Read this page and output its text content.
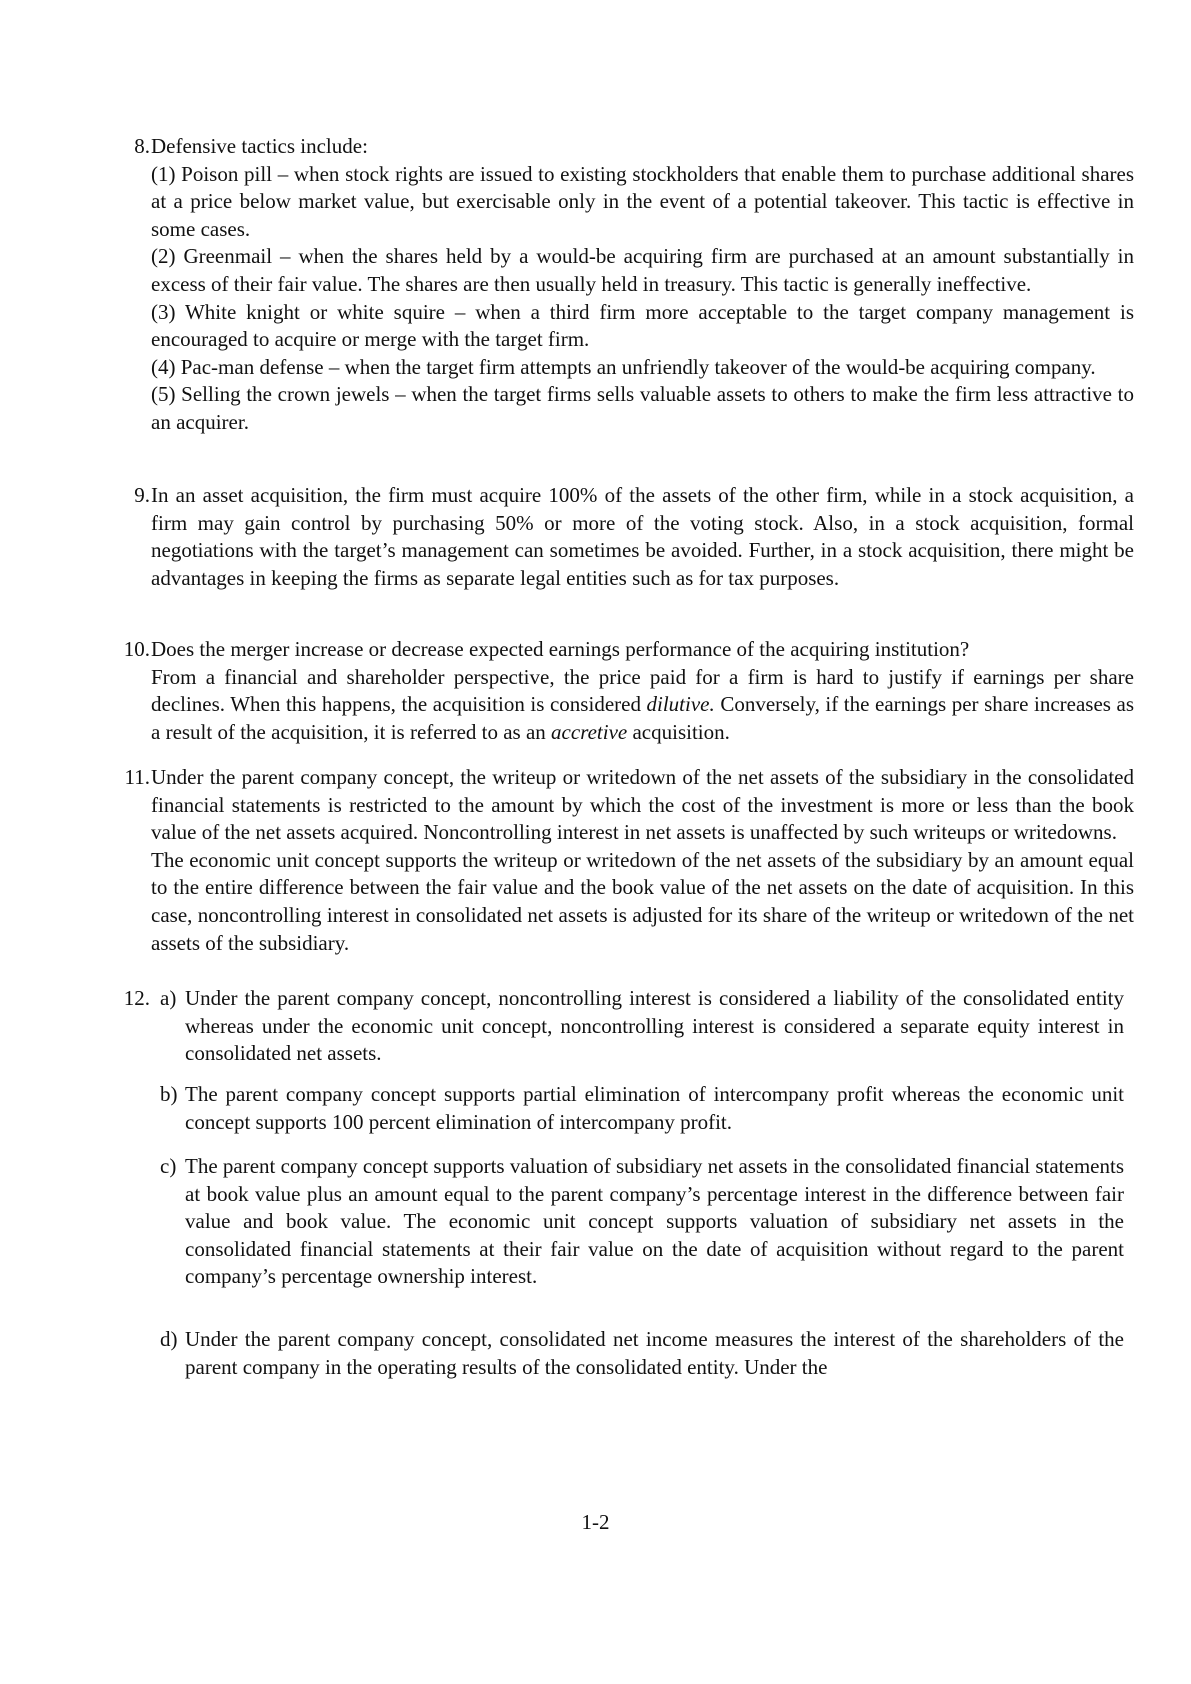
8. Defensive tactics include:
(1) Poison pill – when stock rights are issued to existing stockholders that enable them to purchase additional shares at a price below market value, but exercisable only in the event of a potential takeover. This tactic is effective in some cases.
(2) Greenmail – when the shares held by a would-be acquiring firm are purchased at an amount substantially in excess of their fair value. The shares are then usually held in treasury. This tactic is generally ineffective.
(3) White knight or white squire – when a third firm more acceptable to the target company management is encouraged to acquire or merge with the target firm.
(4) Pac-man defense – when the target firm attempts an unfriendly takeover of the would-be acquiring company.
(5) Selling the crown jewels – when the target firms sells valuable assets to others to make the firm less attractive to an acquirer.
9. In an asset acquisition, the firm must acquire 100% of the assets of the other firm, while in a stock acquisition, a firm may gain control by purchasing 50% or more of the voting stock. Also, in a stock acquisition, formal negotiations with the target’s management can sometimes be avoided. Further, in a stock acquisition, there might be advantages in keeping the firms as separate legal entities such as for tax purposes.
10. Does the merger increase or decrease expected earnings performance of the acquiring institution?
From a financial and shareholder perspective, the price paid for a firm is hard to justify if earnings per share declines. When this happens, the acquisition is considered dilutive. Conversely, if the earnings per share increases as a result of the acquisition, it is referred to as an accretive acquisition.
11. Under the parent company concept, the writeup or writedown of the net assets of the subsidiary in the consolidated financial statements is restricted to the amount by which the cost of the investment is more or less than the book value of the net assets acquired. Noncontrolling interest in net assets is unaffected by such writeups or writedowns.
The economic unit concept supports the writeup or writedown of the net assets of the subsidiary by an amount equal to the entire difference between the fair value and the book value of the net assets on the date of acquisition. In this case, noncontrolling interest in consolidated net assets is adjusted for its share of the writeup or writedown of the net assets of the subsidiary.
12. a) Under the parent company concept, noncontrolling interest is considered a liability of the consolidated entity whereas under the economic unit concept, noncontrolling interest is considered a separate equity interest in consolidated net assets.
b) The parent company concept supports partial elimination of intercompany profit whereas the economic unit concept supports 100 percent elimination of intercompany profit.
c) The parent company concept supports valuation of subsidiary net assets in the consolidated financial statements at book value plus an amount equal to the parent company’s percentage interest in the difference between fair value and book value. The economic unit concept supports valuation of subsidiary net assets in the consolidated financial statements at their fair value on the date of acquisition without regard to the parent company’s percentage ownership interest.
d) Under the parent company concept, consolidated net income measures the interest of the shareholders of the parent company in the operating results of the consolidated entity. Under the
1-2
